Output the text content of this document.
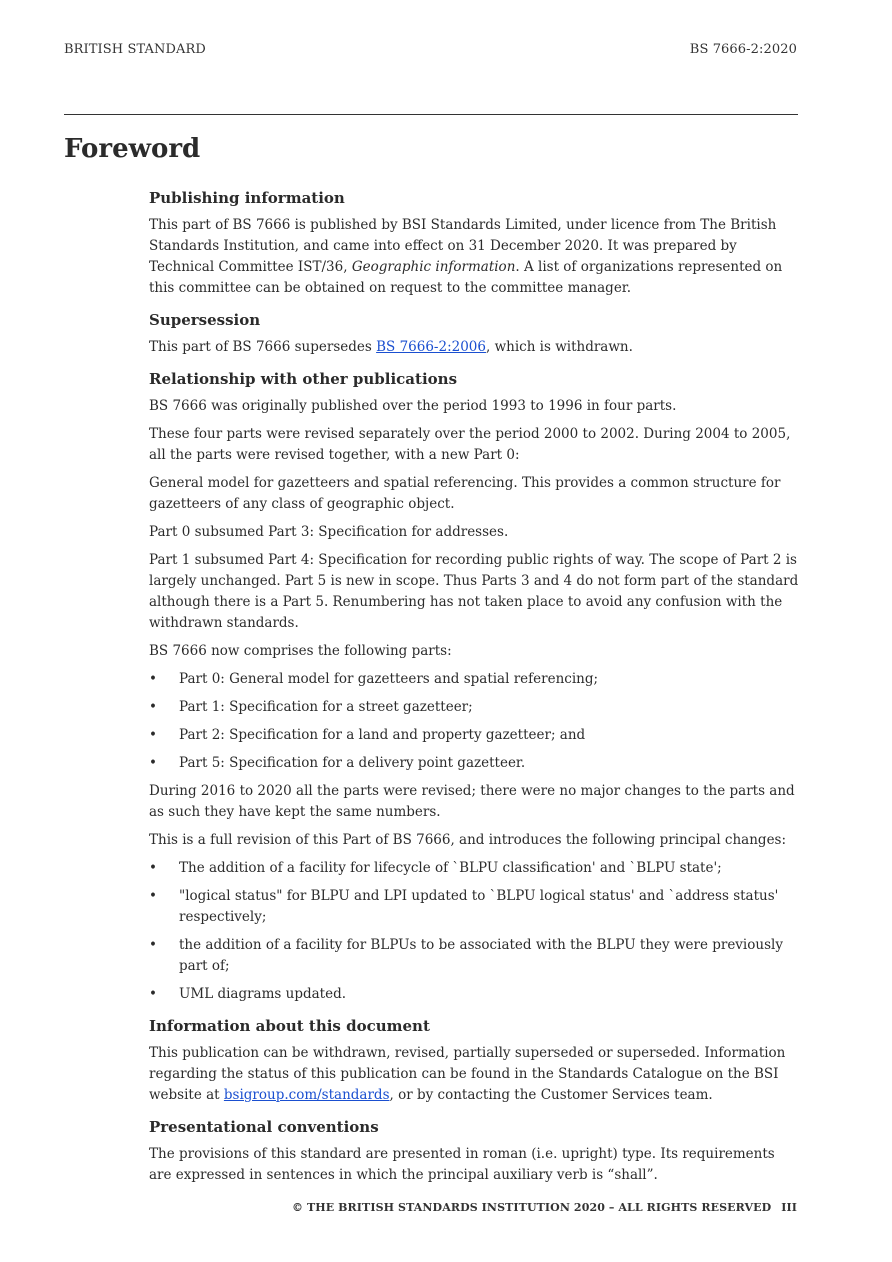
BRITISH STANDARD	BS 7666-2:2020
Foreword
Publishing information

This part of BS 7666 is published by BSI Standards Limited, under licence from The British Standards Institution, and came into effect on 31 December 2020. It was prepared by Technical Committee IST/36, Geographic information. A list of organizations represented on this committee can be obtained on request to the committee manager.

Supersession

This part of BS 7666 supersedes BS 7666-2:2006, which is withdrawn.

Relationship with other publications

BS 7666 was originally published over the period 1993 to 1996 in four parts.

These four parts were revised separately over the period 2000 to 2002. During 2004 to 2005, all the parts were revised together, with a new Part 0:

General model for gazetteers and spatial referencing. This provides a common structure for gazetteers of any class of geographic object.

Part 0 subsumed Part 3: Specification for addresses.

Part 1 subsumed Part 4: Specification for recording public rights of way. The scope of Part 2 is largely unchanged. Part 5 is new in scope. Thus Parts 3 and 4 do not form part of the standard although there is a Part 5. Renumbering has not taken place to avoid any confusion with the withdrawn standards.

BS 7666 now comprises the following parts:

• Part 0: General model for gazetteers and spatial referencing;
• Part 1: Specification for a street gazetteer;
• Part 2: Specification for a land and property gazetteer; and
• Part 5: Specification for a delivery point gazetteer.

During 2016 to 2020 all the parts were revised; there were no major changes to the parts and as such they have kept the same numbers.

This is a full revision of this Part of BS 7666, and introduces the following principal changes:

• The addition of a facility for lifecycle of `BLPU classification' and `BLPU state';
• "logical status" for BLPU and LPI updated to `BLPU logical status' and `address status' respectively;
• the addition of a facility for BLPUs to be associated with the BLPU they were previously part of;
• UML diagrams updated.
Information about this document

This publication can be withdrawn, revised, partially superseded or superseded. Information regarding the status of this publication can be found in the Standards Catalogue on the BSI website at bsigroup.com/standards, or by contacting the Customer Services team.

Presentational conventions

The provisions of this standard are presented in roman (i.e. upright) type. Its requirements are expressed in sentences in which the principal auxiliary verb is “shall”.

© THE BRITISH STANDARDS INSTITUTION 2020 – ALL RIGHTS RESERVED III
